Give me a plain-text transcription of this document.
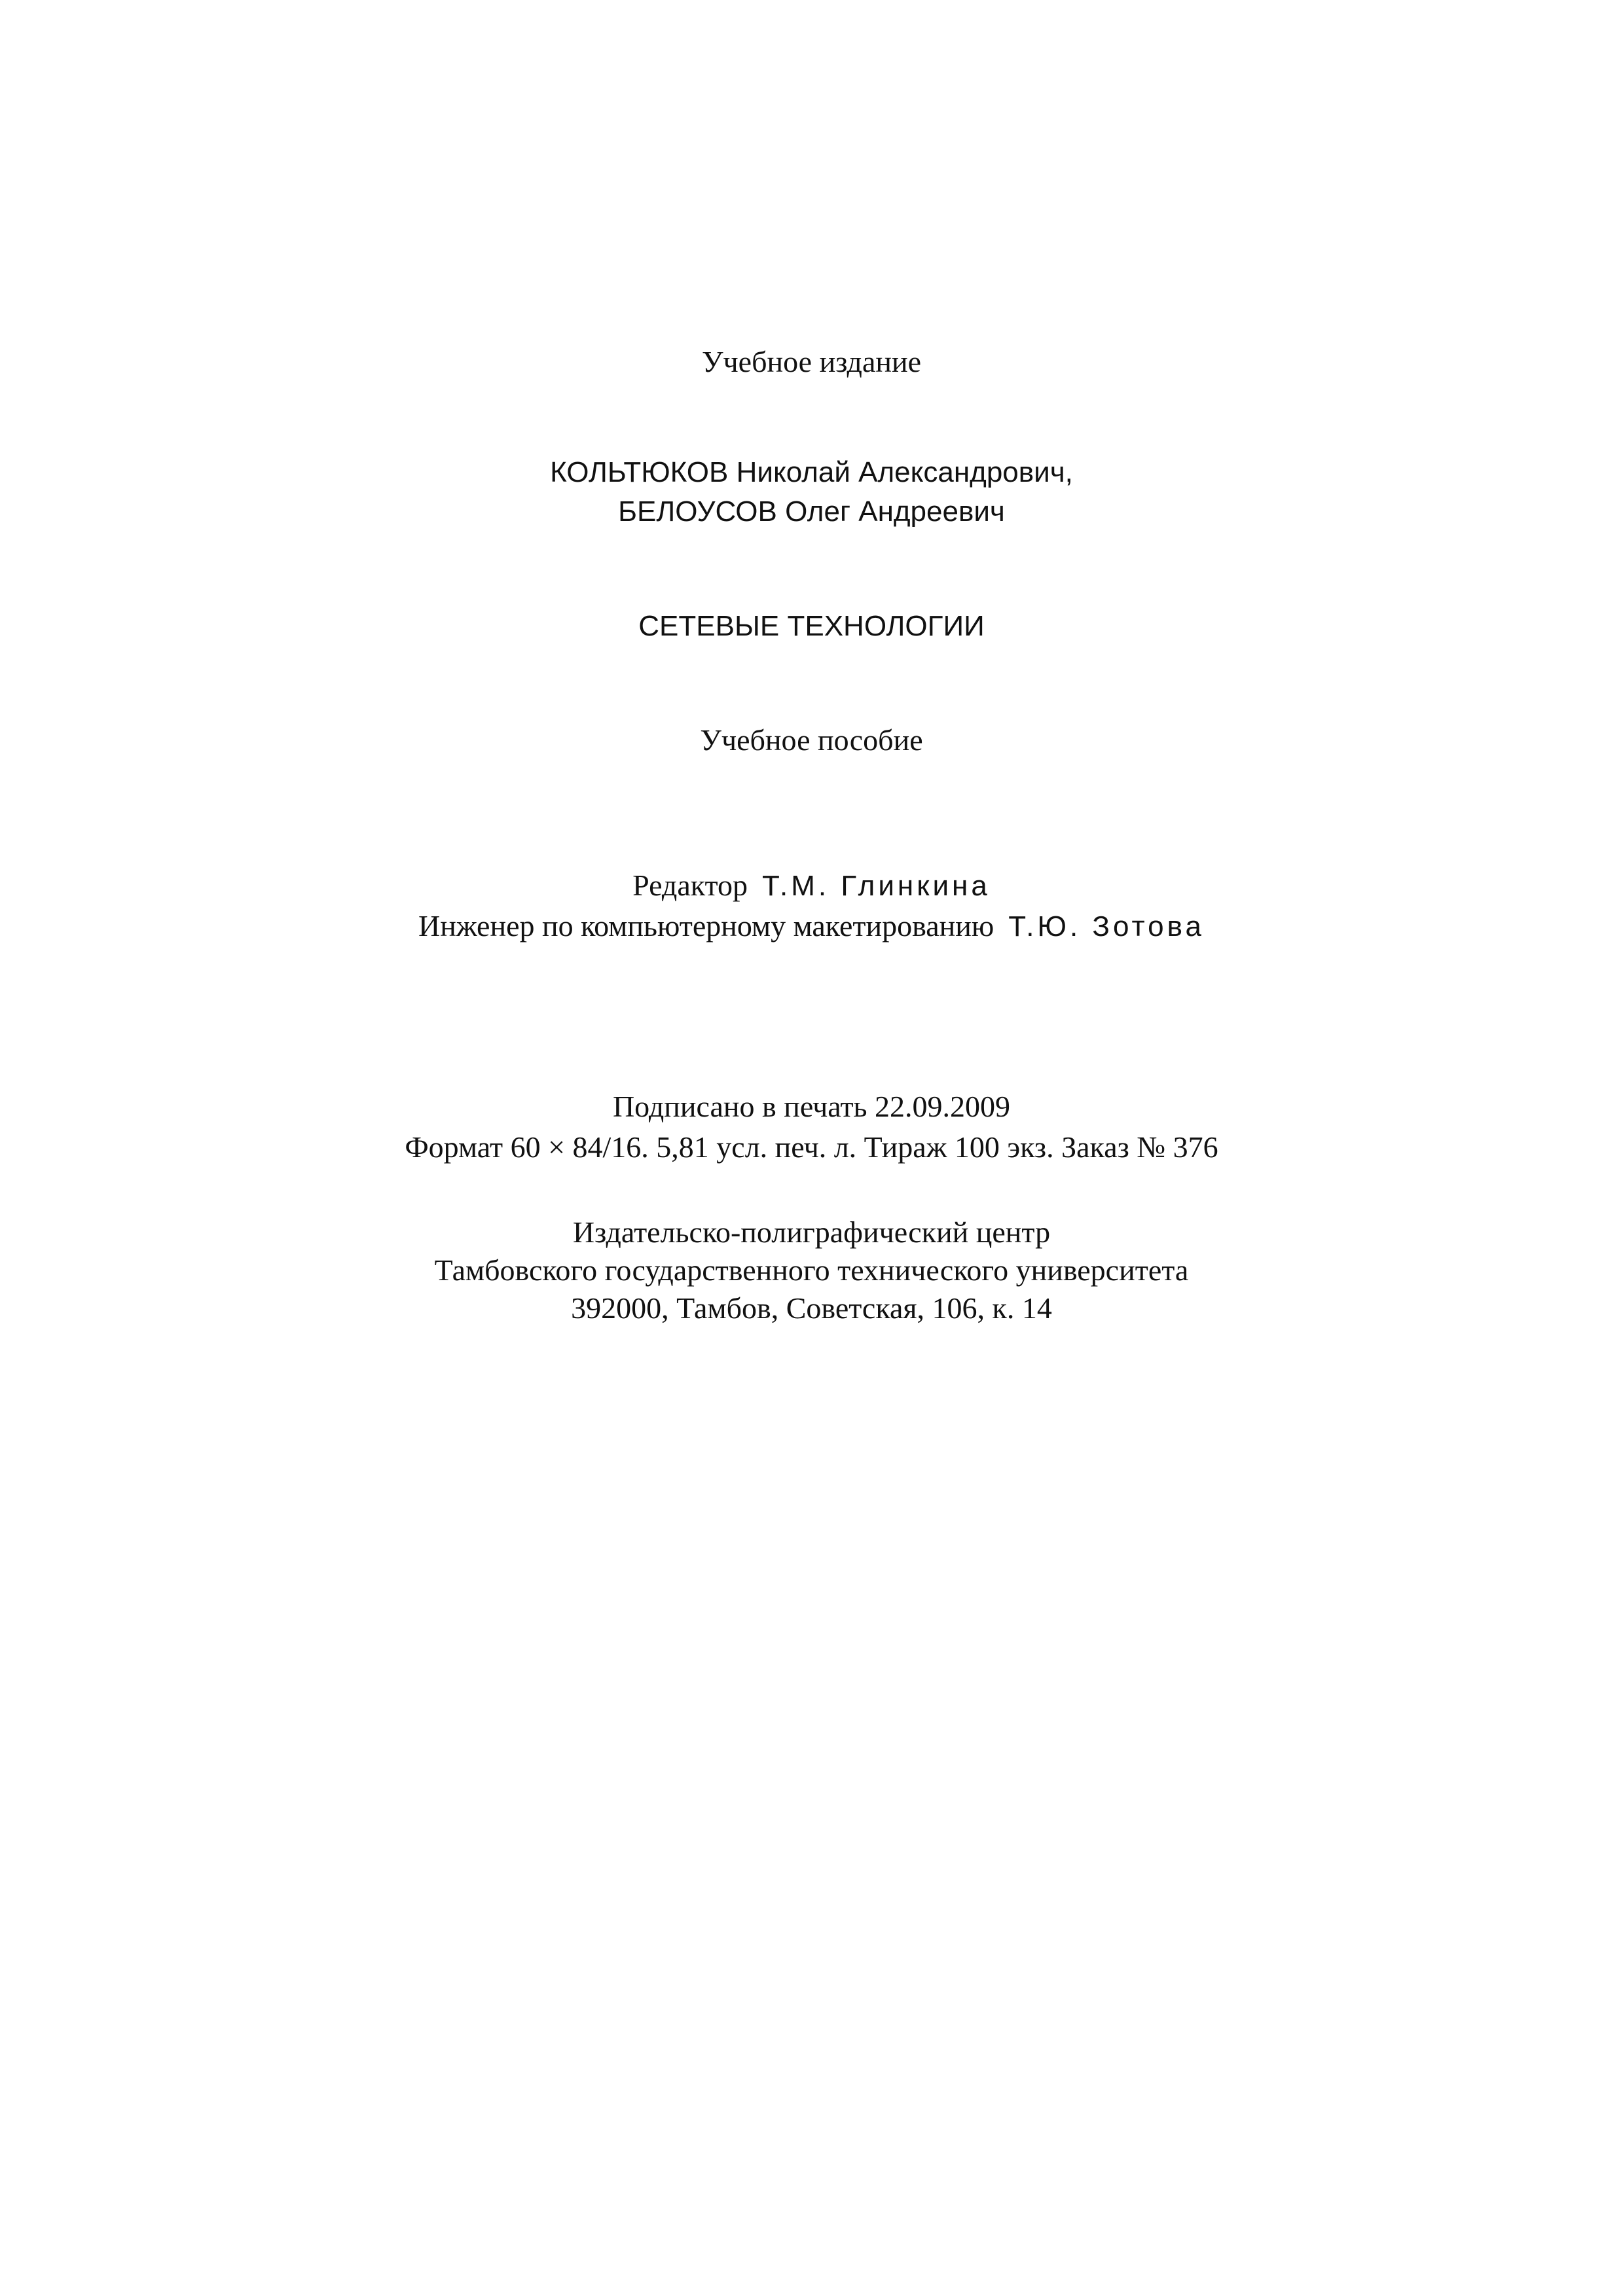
Учебное издание
КОЛЬТЮКОВ Николай Александрович,
БЕЛОУСОВ Олег Андреевич
СЕТЕВЫЕ ТЕХНОЛОГИИ
Учебное пособие
Редактор Т.М. Глинкина
Инженер по компьютерному макетированию Т.Ю. Зотова
Подписано в печать 22.09.2009
Формат 60 × 84/16. 5,81 усл. печ. л. Тираж 100 экз. Заказ № 376
Издательско-полиграфический центр
Тамбовского государственного технического университета
392000, Тамбов, Советская, 106, к. 14
